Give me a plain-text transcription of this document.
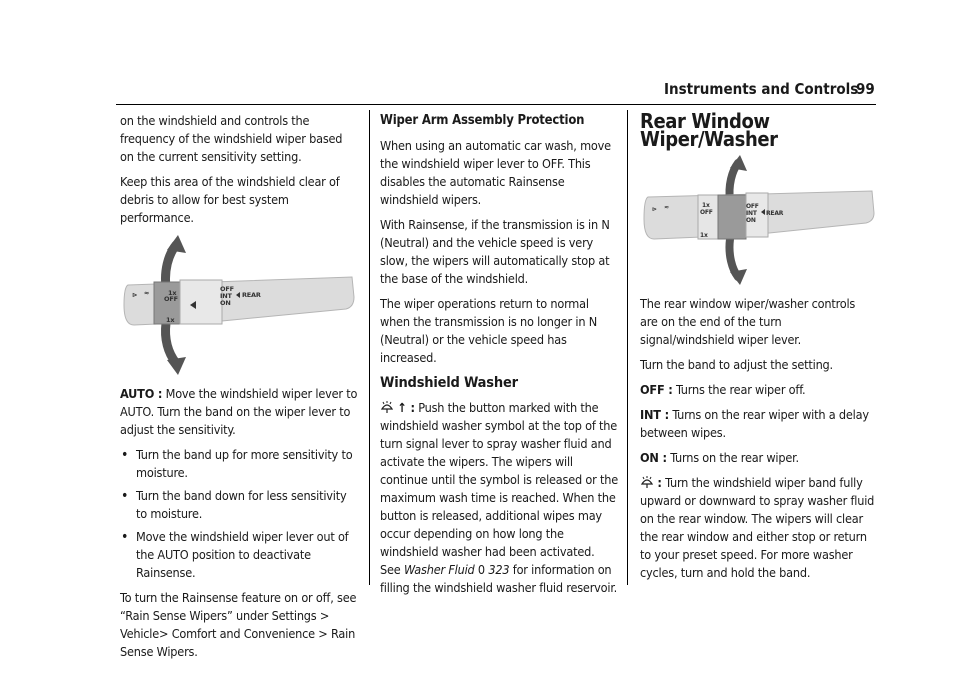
Instruments and Controls
99

on the windshield and controls the frequency of the windshield wiper based on the current sensitivity setting.

Keep this area of the windshield clear of debris to allow for best system performance.

⊳ ≈	1x
OFF
OFF
INT
ON
REAR
1x

AUTO : Move the windshield wiper lever to AUTO. Turn the band on the wiper lever to adjust the sensitivity.

• Turn the band up for more sensitivity to moisture.
• Turn the band down for less sensitivity to moisture.
• Move the windshield wiper lever out of the AUTO position to deactivate Rainsense.

To turn the Rainsense feature on or off, see “Rain Sense Wipers” under Settings > Vehicle> Comfort and Convenience > Rain Sense Wipers.

Wiper Arm Assembly Protection

When using an automatic car wash, move the windshield wiper lever to OFF. This disables the automatic Rainsense windshield wipers.

With Rainsense, if the transmission is in N (Neutral) and the vehicle speed is very slow, the wipers will automatically stop at the base of the windshield.

The wiper operations return to normal when the transmission is no longer in N (Neutral) or the vehicle speed has increased.

Windshield Washer

↑ : Push the button marked with the windshield washer symbol at the top of the turn signal lever to spray washer fluid and activate the wipers. The wipers will continue until the symbol is released or the maximum wash time is reached. When the button is released, additional wipes may occur depending on how long the windshield washer had been activated. See Washer Fluid 0 323 for information on filling the windshield washer fluid reservoir.

Rear Window Wiper/Washer

⊳ ≈	1x
OFF
OFF
INT
ON
REAR
1x

The rear window wiper/washer controls are on the end of the turn signal/windshield wiper lever.

Turn the band to adjust the setting.

OFF : Turns the rear wiper off.

INT : Turns on the rear wiper with a delay between wipes.

ON : Turns on the rear wiper.

: Turn the windshield wiper band fully upward or downward to spray washer fluid on the rear window. The wipers will clear the rear window and either stop or return to your preset speed. For more washer cycles, turn and hold the band.
